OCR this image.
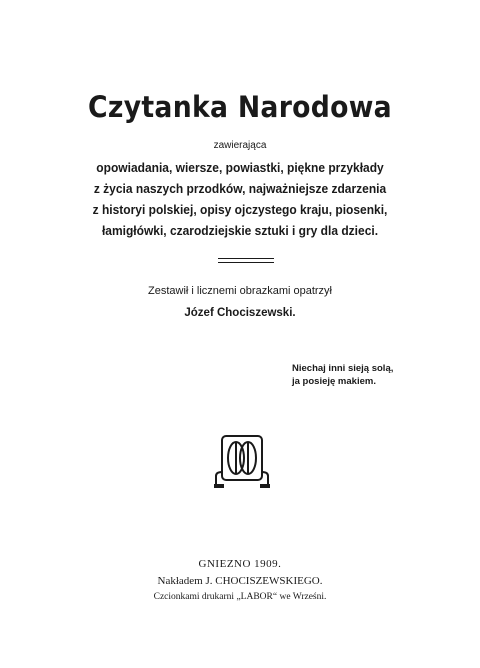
Czytanka Narodowa
zawierająca
opowiadania, wiersze, powiastki, piękne przykłady
z życia naszych przodków, najważniejsze zdarzenia
z historyi polskiej, opisy ojczystego kraju, piosenki,
łamigłówki, czarodziejskie sztuki i gry dla dzieci.
Zestawił i licznemi obrazkami opatrzył
Józef Chociszewski.
Niechaj inni sieją solą,
ja posieję makiem.
GNIEZNO 1909.
Nakładem J. CHOCISZEWSKIEGO.
Czcionkami drukarni „LABOR“ we Wrześni.
